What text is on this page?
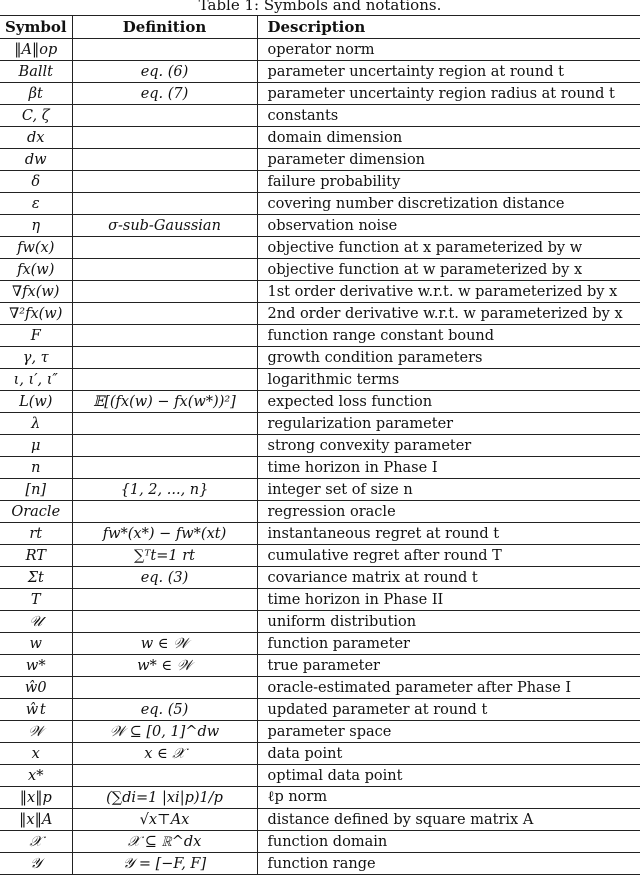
Table 1: Symbols and notations.
Symbol	Definition	Description
‖A‖op		operator norm
Ballt	eq. (6)	parameter uncertainty region at round t
βt	eq. (7)	parameter uncertainty region radius at round t
C, ζ		constants
dx		domain dimension
dw		parameter dimension
δ		failure probability
ε		covering number discretization distance
η	σ-sub-Gaussian	observation noise
fw(x)		objective function at x parameterized by w
fx(w)		objective function at w parameterized by x
∇fx(w)		1st order derivative w.r.t. w parameterized by x
∇²fx(w)		2nd order derivative w.r.t. w parameterized by x
F		function range constant bound
γ, τ		growth condition parameters
ι, ι′, ι″		logarithmic terms
L(w)	𝔼[(fx(w) − fx(w*))²]	expected loss function
λ		regularization parameter
μ		strong convexity parameter
n		time horizon in Phase I
[n]	{1, 2, ..., n}	integer set of size n
Oracle		regression oracle
rt	fw*(x*) − fw*(xt)	instantaneous regret at round t
RT	∑ᵀt=1 rt	cumulative regret after round T
Σt	eq. (3)	covariance matrix at round t
T		time horizon in Phase II
𝒰		uniform distribution
w	w ∈ 𝒲	function parameter
w*	w* ∈ 𝒲	true parameter
ŵ0		oracle-estimated parameter after Phase I
ŵt	eq. (5)	updated parameter at round t
𝒲	𝒲 ⊆ [0, 1]^dw	parameter space
x	x ∈ 𝒳	data point
x*		optimal data point
‖x‖p	(∑di=1 |xi|p)1/p	ℓp norm
‖x‖A	√x⊤Ax	distance defined by square matrix A
𝒳	𝒳 ⊆ ℝ^dx	function domain
𝒴	𝒴 = [−F, F]	function range
